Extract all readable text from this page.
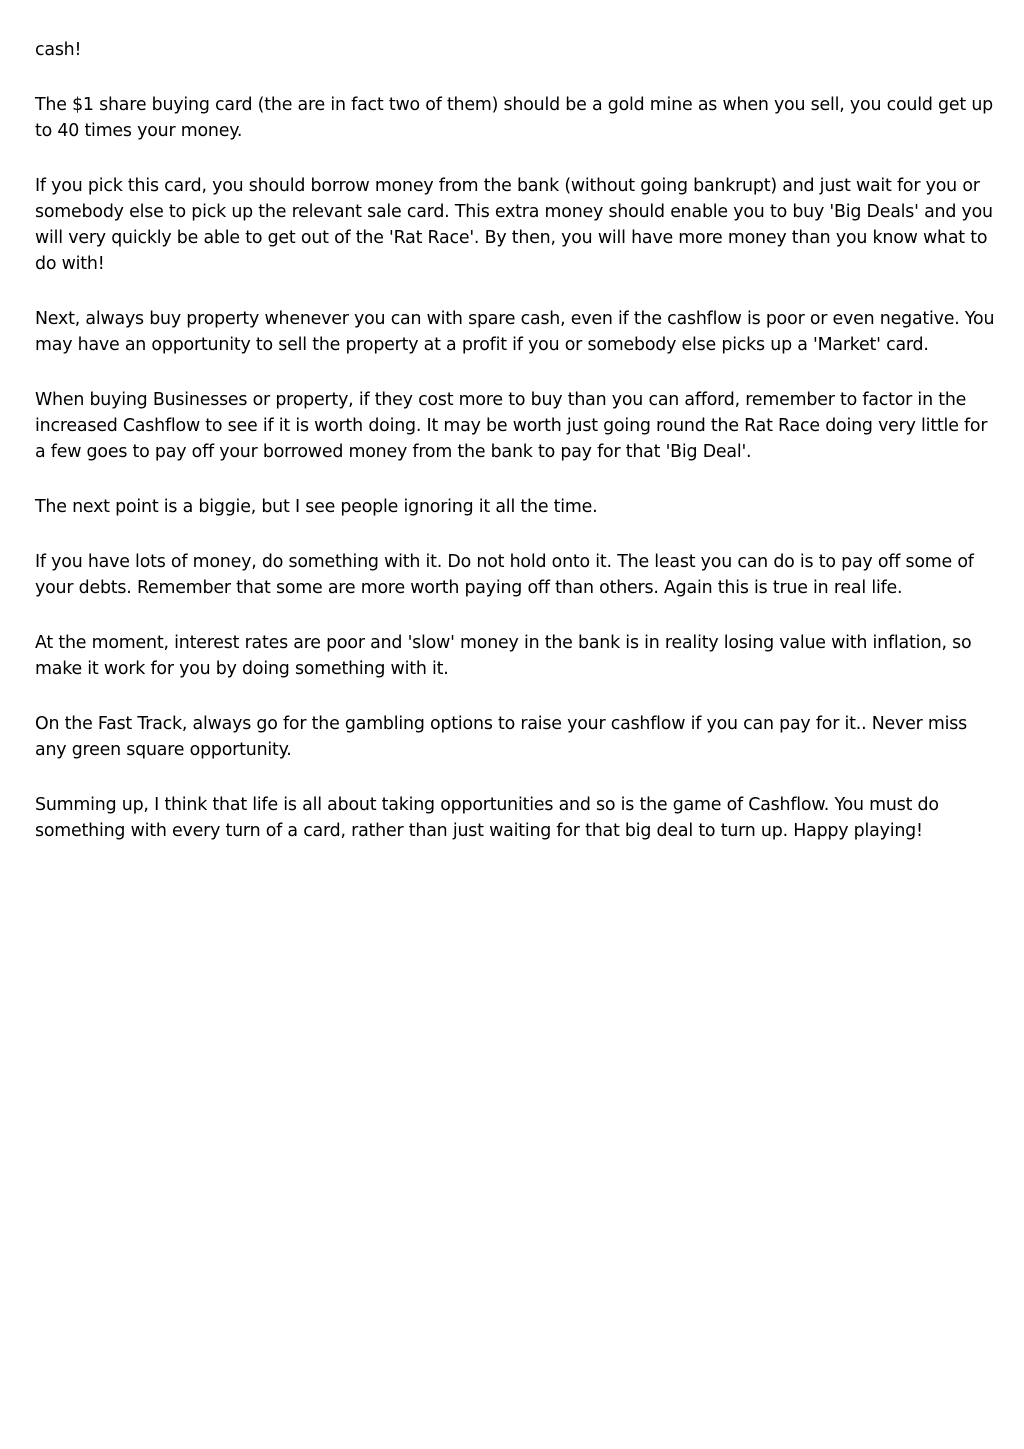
cash!

The $1 share buying card (the are in fact two of them) should be a gold mine as when you sell, you could get up to 40 times your money.

If you pick this card, you should borrow money from the bank (without going bankrupt) and just wait for you or somebody else to pick up the relevant sale card. This extra money should enable you to buy 'Big Deals' and you will very quickly be able to get out of the 'Rat Race'. By then, you will have more money than you know what to do with!

Next, always buy property whenever you can with spare cash, even if the cashflow is poor or even negative. You may have an opportunity to sell the property at a profit if you or somebody else picks up a 'Market' card.

When buying Businesses or property, if they cost more to buy than you can afford, remember to factor in the increased Cashflow to see if it is worth doing. It may be worth just going round the Rat Race doing very little for a few goes to pay off your borrowed money from the bank to pay for that 'Big Deal'.

The next point is a biggie, but I see people ignoring it all the time.

If you have lots of money, do something with it. Do not hold onto it. The least you can do is to pay off some of your debts. Remember that some are more worth paying off than others. Again this is true in real life.

At the moment, interest rates are poor and 'slow' money in the bank is in reality losing value with inflation, so make it work for you by doing something with it.

On the Fast Track, always go for the gambling options to raise your cashflow if you can pay for it.. Never miss any green square opportunity.

Summing up, I think that life is all about taking opportunities and so is the game of Cashflow. You must do something with every turn of a card, rather than just waiting for that big deal to turn up. Happy playing!
